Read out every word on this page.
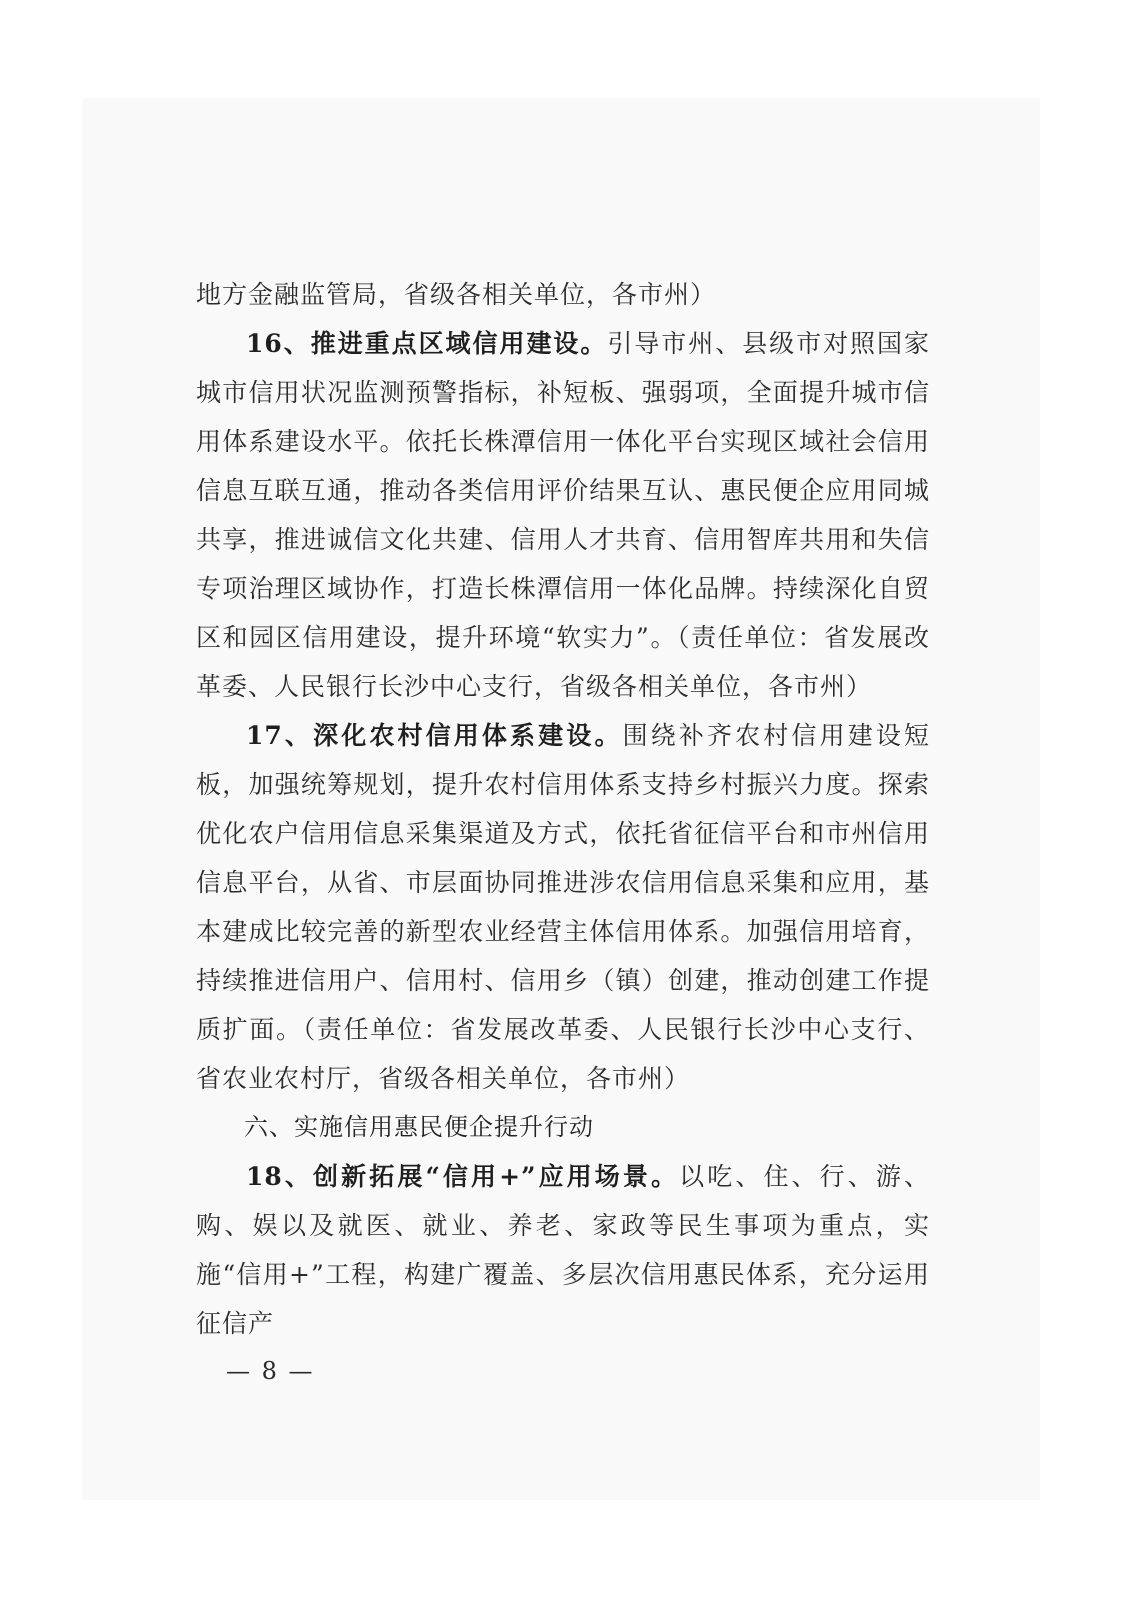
地方金融监管局，省级各相关单位，各市州）

16、推进重点区域信用建设。引导市州、县级市对照国家城市信用状况监测预警指标，补短板、强弱项，全面提升城市信用体系建设水平。依托长株潭信用一体化平台实现区域社会信用信息互联互通，推动各类信用评价结果互认、惠民便企应用同城共享，推进诚信文化共建、信用人才共育、信用智库共用和失信专项治理区域协作，打造长株潭信用一体化品牌。持续深化自贸区和园区信用建设，提升环境“软实力”。（责任单位：省发展改革委、人民银行长沙中心支行，省级各相关单位，各市州）

17、深化农村信用体系建设。围绕补齐农村信用建设短板，加强统筹规划，提升农村信用体系支持乡村振兴力度。探索优化农户信用信息采集渠道及方式，依托省征信平台和市州信用信息平台，从省、市层面协同推进涉农信用信息采集和应用，基本建成比较完善的新型农业经营主体信用体系。加强信用培育，持续推进信用户、信用村、信用乡（镇）创建，推动创建工作提质扩面。（责任单位：省发展改革委、人民银行长沙中心支行、省农业农村厅，省级各相关单位，各市州）

六、实施信用惠民便企提升行动

18、创新拓展“信用+”应用场景。以吃、住、行、游、购、娱以及就医、就业、养老、家政等民生事项为重点，实施“信用+”工程，构建广覆盖、多层次信用惠民体系，充分运用征信产

— 8 —
